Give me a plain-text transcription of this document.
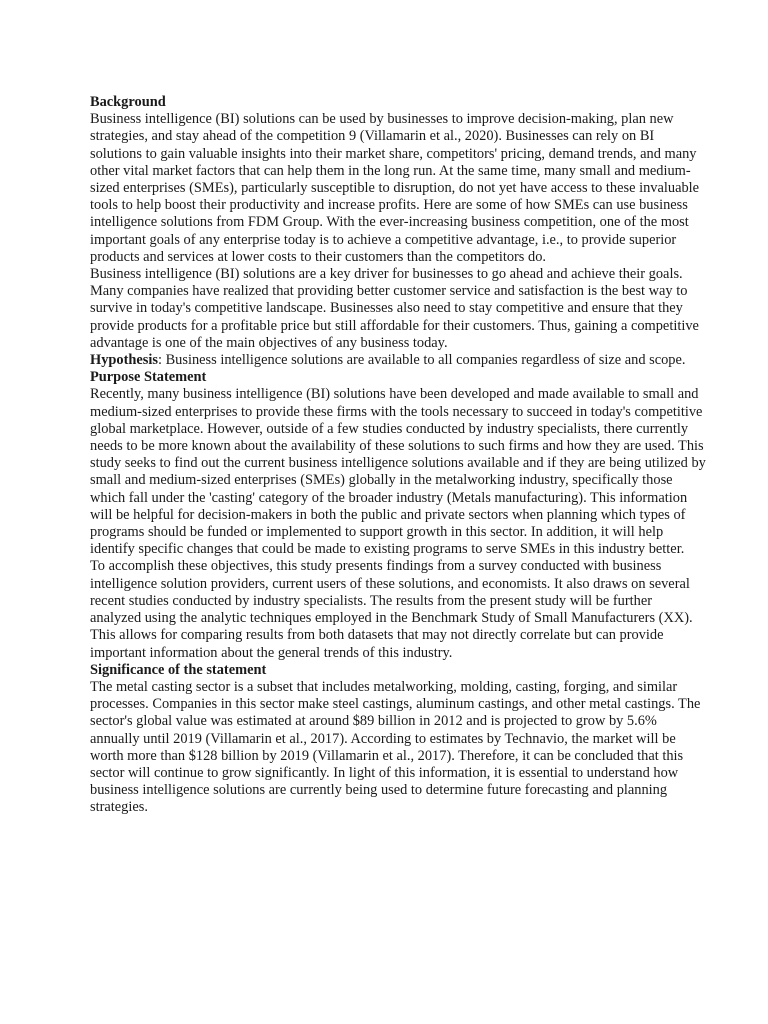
Background

Business intelligence (BI) solutions can be used by businesses to improve decision-making, plan new strategies, and stay ahead of the competition 9 (Villamarin et al., 2020). Businesses can rely on BI solutions to gain valuable insights into their market share, competitors' pricing, demand trends, and many other vital market factors that can help them in the long run. At the same time, many small and medium-sized enterprises (SMEs), particularly susceptible to disruption, do not yet have access to these invaluable tools to help boost their productivity and increase profits. Here are some of how SMEs can use business intelligence solutions from FDM Group. With the ever-increasing business competition, one of the most important goals of any enterprise today is to achieve a competitive advantage, i.e., to provide superior products and services at lower costs to their customers than the competitors do.

Business intelligence (BI) solutions are a key driver for businesses to go ahead and achieve their goals. Many companies have realized that providing better customer service and satisfaction is the best way to survive in today's competitive landscape. Businesses also need to stay competitive and ensure that they provide products for a profitable price but still affordable for their customers. Thus, gaining a competitive advantage is one of the main objectives of any business today.

Hypothesis: Business intelligence solutions are available to all companies regardless of size and scope.

Purpose Statement

Recently, many business intelligence (BI) solutions have been developed and made available to small and medium-sized enterprises to provide these firms with the tools necessary to succeed in today's competitive global marketplace. However, outside of a few studies conducted by industry specialists, there currently needs to be more known about the availability of these solutions to such firms and how they are used. This study seeks to find out the current business intelligence solutions available and if they are being utilized by small and medium-sized enterprises (SMEs) globally in the metalworking industry, specifically those which fall under the 'casting' category of the broader industry (Metals manufacturing). This information will be helpful for decision-makers in both the public and private sectors when planning which types of programs should be funded or implemented to support growth in this sector. In addition, it will help identify specific changes that could be made to existing programs to serve SMEs in this industry better.

To accomplish these objectives, this study presents findings from a survey conducted with business intelligence solution providers, current users of these solutions, and economists. It also draws on several recent studies conducted by industry specialists. The results from the present study will be further analyzed using the analytic techniques employed in the Benchmark Study of Small Manufacturers (XX). This allows for comparing results from both datasets that may not directly correlate but can provide important information about the general trends of this industry.

Significance of the statement

The metal casting sector is a subset that includes metalworking, molding, casting, forging, and similar processes. Companies in this sector make steel castings, aluminum castings, and other metal castings. The sector's global value was estimated at around $89 billion in 2012 and is projected to grow by 5.6% annually until 2019 (Villamarin et al., 2017). According to estimates by Technavio, the market will be worth more than $128 billion by 2019 (Villamarin et al., 2017). Therefore, it can be concluded that this sector will continue to grow significantly. In light of this information, it is essential to understand how business intelligence solutions are currently being used to determine future forecasting and planning strategies.
